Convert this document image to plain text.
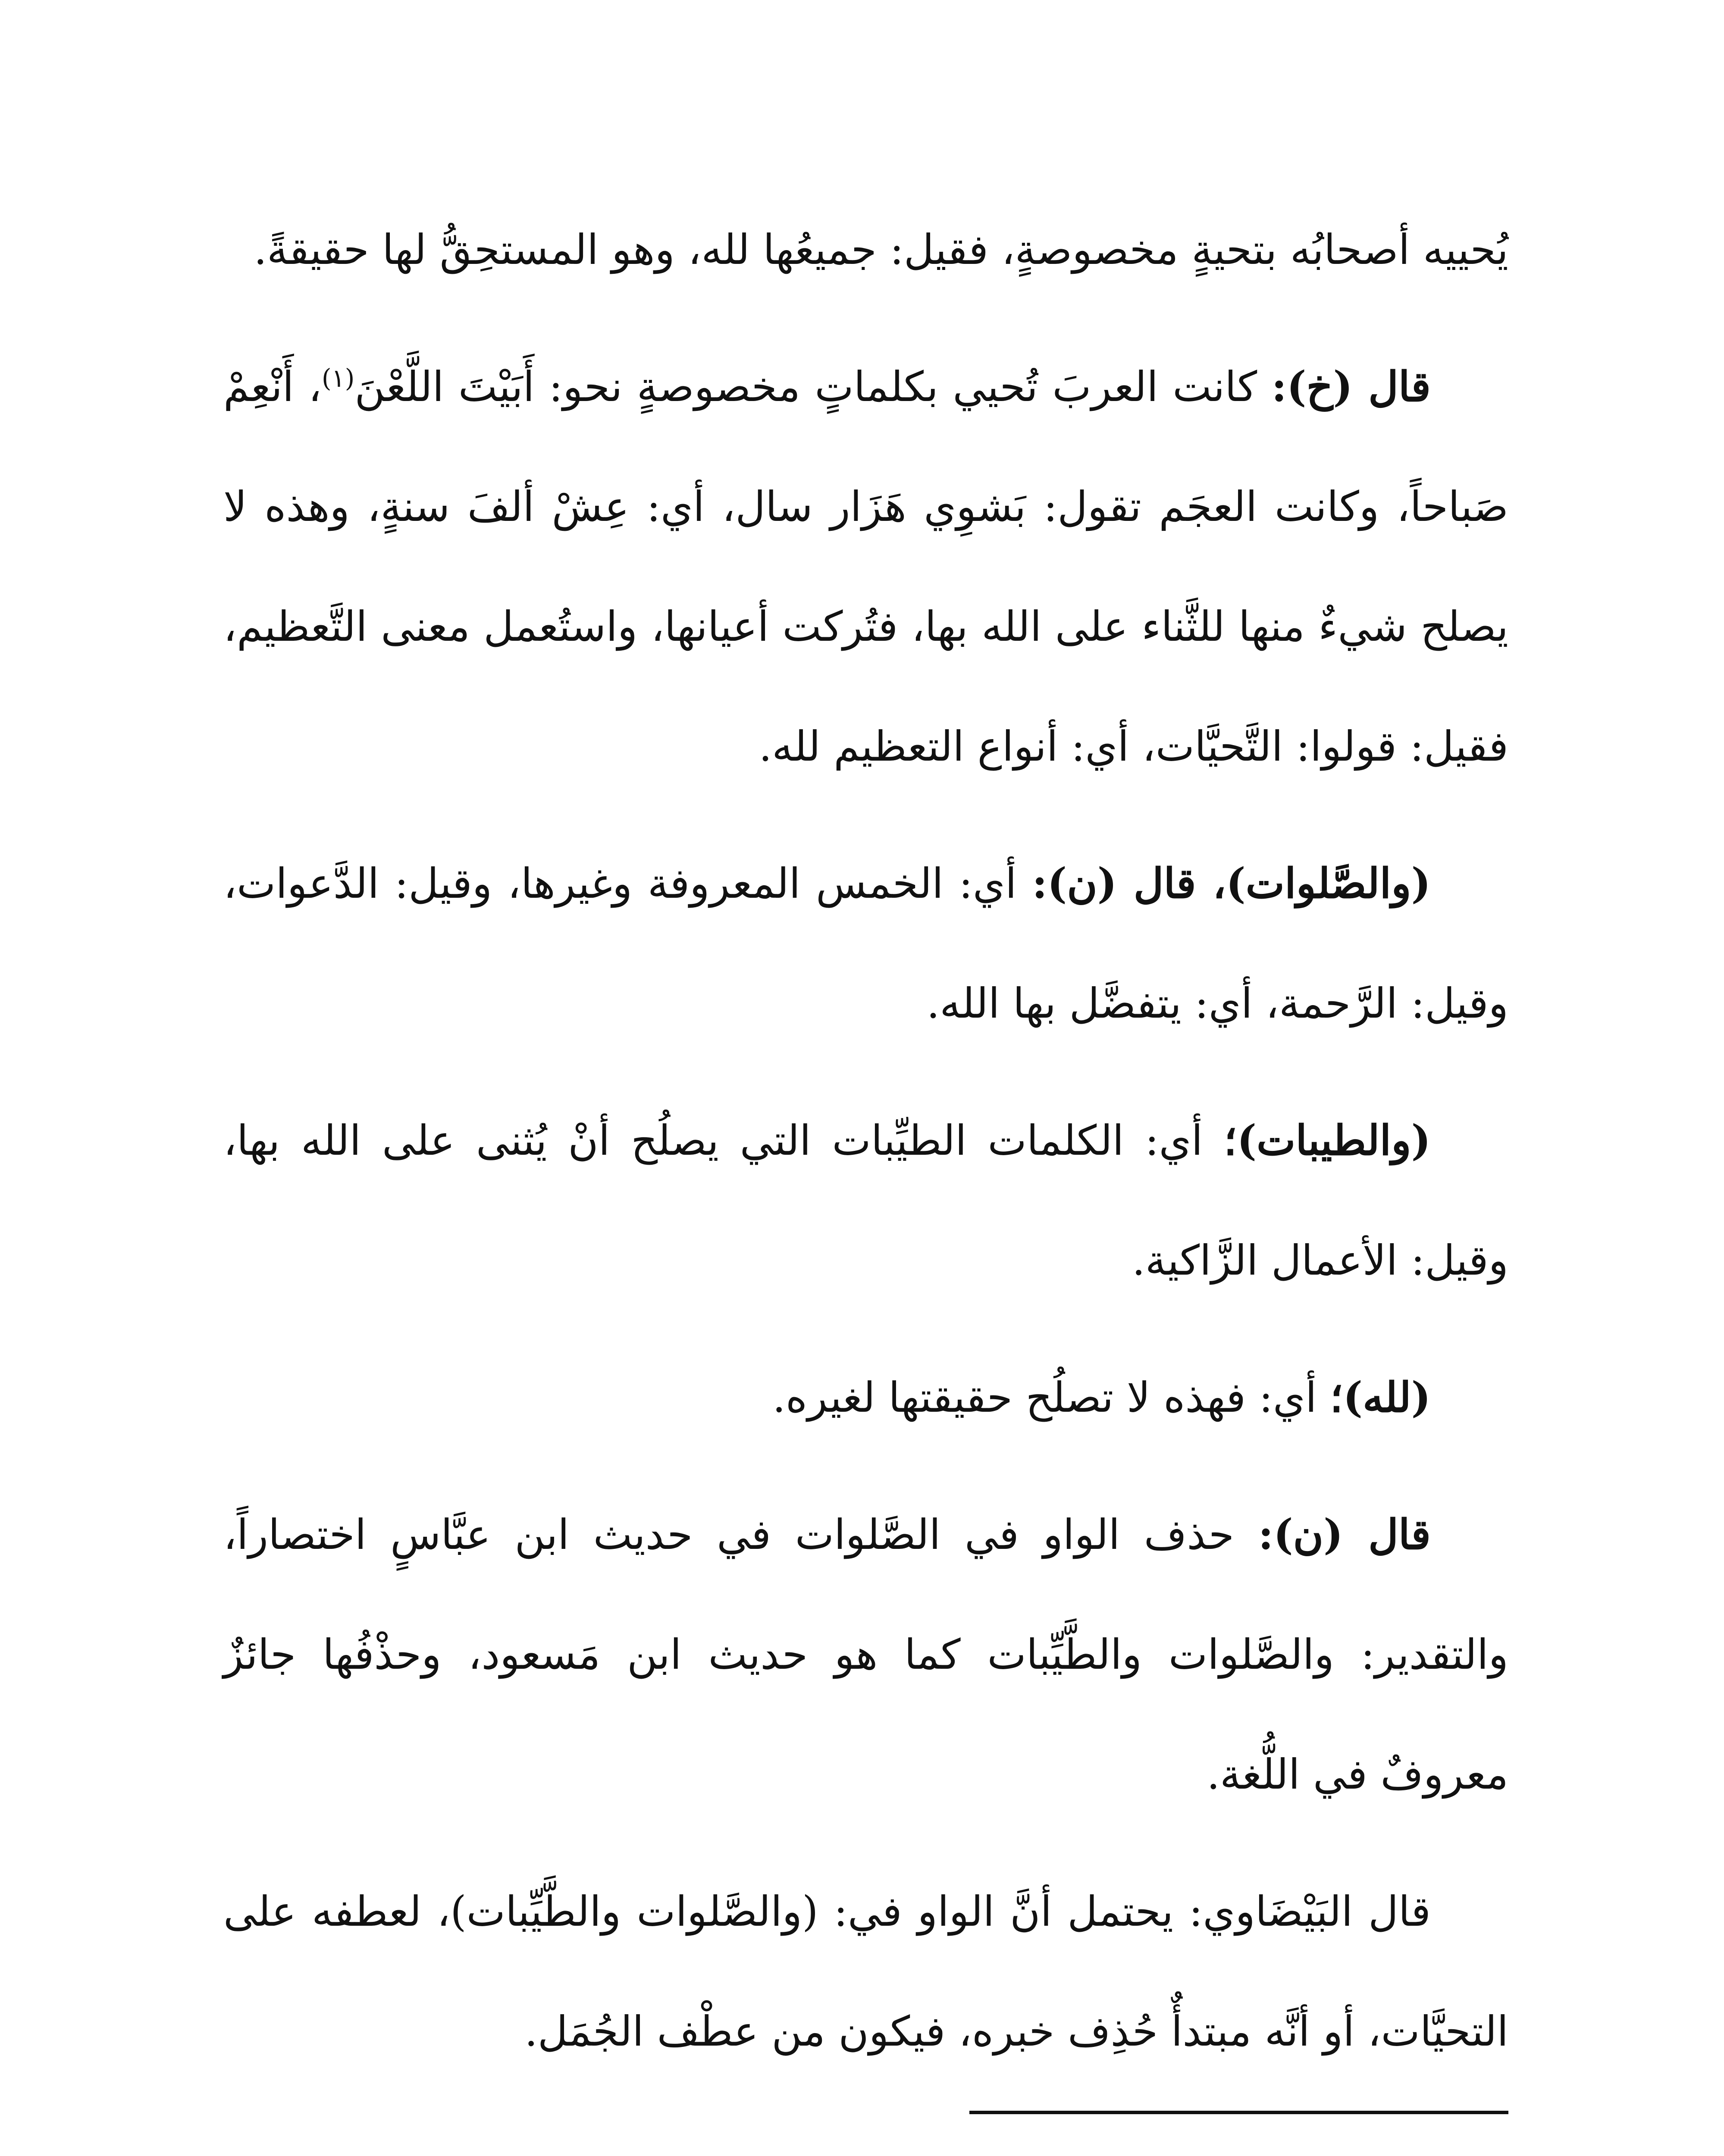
يُحييه أصحابُه بتحيةٍ مخصوصةٍ، فقيل: جميعُها لله، وهو المستحِقُّ لها حقيقةً.

قال (خ): كانت العربَ تُحيي بكلماتٍ مخصوصةٍ نحو: أَبَيْتَ اللَّعْنَ$^{(١)}$، أَنْعِمْ صَباحاً، وكانت العجَم تقول: بَشوِي هَزَار سال، أي: عِشْ ألفَ سنةٍ، وهذه لا يصلح شيءٌ منها للثَّناء على الله بها، فتُركت أعيانها، واستُعمل معنى التَّعظيم، فقيل: قولوا: التَّحيَّات، أي: أنواع التعظيم لله.

(والصَّلوات)، قال (ن): أي: الخمس المعروفة وغيرها، وقيل: الدَّعوات، وقيل: الرَّحمة، أي: يتفضَّل بها الله.

(والطيبات)؛ أي: الكلمات الطيِّبات التي يصلُح أنْ يُثنى على الله بها، وقيل: الأعمال الزَّاكية.

(لله)؛ أي: فهذه لا تصلُح حقيقتها لغيره.

قال (ن): حذف الواو في الصَّلوات في حديث ابن عبَّاسٍ اختصاراً، والتقدير: والصَّلوات والطَّيِّبات كما هو حديث ابن مَسعود، وحذْفُها جائزٌ معروفٌ في اللُّغة.

قال البَيْضَاوي: يحتمل أنَّ الواو في: (والصَّلوات والطَّيِّبات)، لعطفه على التحيَّات، أو أنَّه مبتدأٌ حُذِف خبره، فيكون من عطْف الجُمَل.
